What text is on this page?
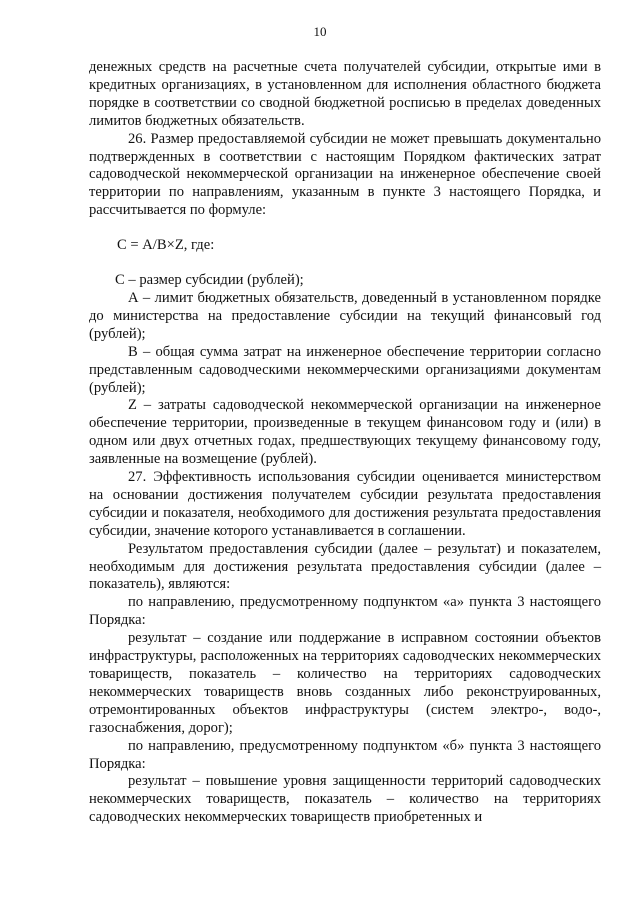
10

денежных средств на расчетные счета получателей субсидии, открытые ими в кредитных организациях, в установленном для исполнения областного бюджета порядке в соответствии со сводной бюджетной росписью в пределах доведенных лимитов бюджетных обязательств.

26. Размер предоставляемой субсидии не может превышать документально подтвержденных в соответствии с настоящим Порядком фактических затрат садоводческой некоммерческой организации на инженерное обеспечение своей территории по направлениям, указанным в пункте 3 настоящего Порядка, и рассчитывается по формуле:

С = А/В×Z, где:

С – размер субсидии (рублей);

А – лимит бюджетных обязательств, доведенный в установленном порядке до министерства на предоставление субсидии на текущий финансовый год (рублей);

В – общая сумма затрат на инженерное обеспечение территории согласно представленным садоводческими некоммерческими организациями документам (рублей);

Z – затраты садоводческой некоммерческой организации на инженерное обеспечение территории, произведенные в текущем финансовом году и (или) в одном или двух отчетных годах, предшествующих текущему финансовому году, заявленные на возмещение (рублей).

27. Эффективность использования субсидии оценивается министерством на основании достижения получателем субсидии результата предоставления субсидии и показателя, необходимого для достижения результата предоставления субсидии, значение которого устанавливается в соглашении.

Результатом предоставления субсидии (далее – результат) и показателем, необходимым для достижения результата предоставления субсидии (далее – показатель), являются:

по направлению, предусмотренному подпунктом «а» пункта 3 настоящего Порядка:

результат – создание или поддержание в исправном состоянии объектов инфраструктуры, расположенных на территориях садоводческих некоммерческих товариществ, показатель – количество на территориях садоводческих некоммерческих товариществ вновь созданных либо реконструированных, отремонтированных объектов инфраструктуры (систем электро-, водо-, газоснабжения, дорог);

по направлению, предусмотренному подпунктом «б» пункта 3 настоящего Порядка:

результат – повышение уровня защищенности территорий садоводческих некоммерческих товариществ, показатель – количество на территориях садоводческих некоммерческих товариществ приобретенных и
